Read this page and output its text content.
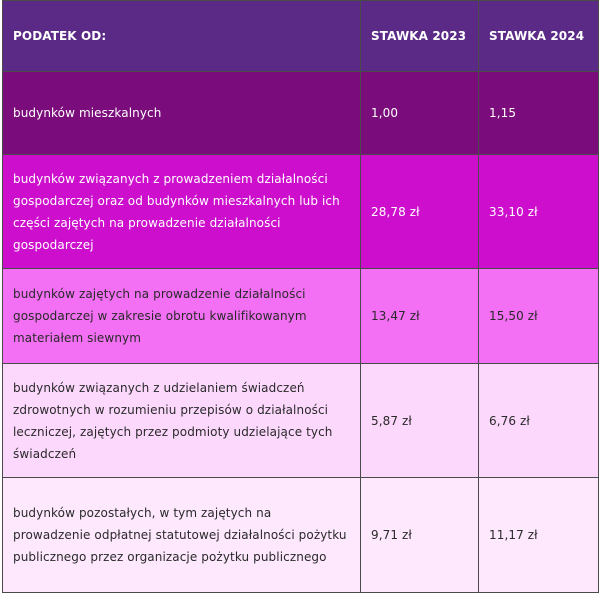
PODATEK OD:	STAWKA 2023	STAWKA 2024
budynków mieszkalnych	1,00	1,15
budynków związanych z prowadzeniem działalności gospodarczej oraz od budynków mieszkalnych lub ich części zajętych na prowadzenie działalności gospodarczej	28,78 zł	33,10 zł
budynków zajętych na prowadzenie działalności gospodarczej w zakresie obrotu kwalifikowanym materiałem siewnym	13,47 zł	15,50 zł
budynków związanych z udzielaniem świadczeń zdrowotnych w rozumieniu przepisów o działalności leczniczej, zajętych przez podmioty udzielające tych świadczeń	5,87 zł	6,76 zł
budynków pozostałych, w tym zajętych na prowadzenie odpłatnej statutowej działalności pożytku publicznego przez organizacje pożytku publicznego	9,71 zł	11,17 zł
